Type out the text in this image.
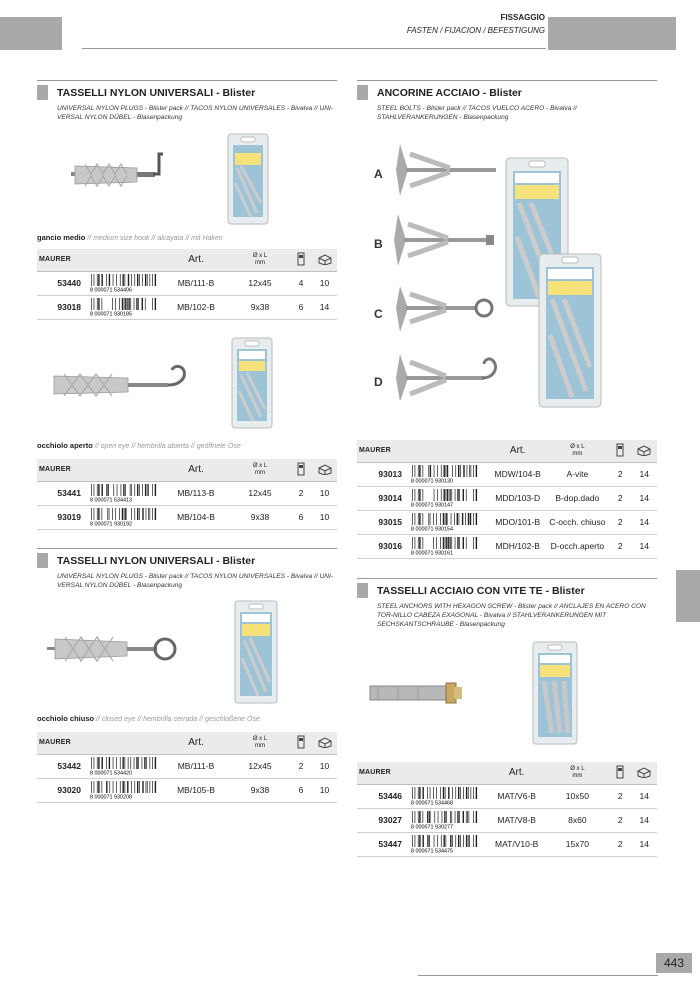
FISSAGGIO
FASTEN / FIJACION / BEFESTIGUNG
TASSELLI NYLON UNIVERSALI - Blister
UNIVERSAL NYLON PLUGS - Blister pack // TACOS NYLON UNIVERSALES - Bivalva // UNI-VERSAL NYLON DÜBEL - Blasenpackung
gancio medio // medium size hook // alcayata // mit Haken
MAURER		Art.	Ø x L
mm		
53440	8 000071 534406	MB/111-B	12x45	4	10
93018	8 000071 930185	MB/102-B	9x38	6	14
occhiolo aperto // open eye // hembrilla abierta // geöffnete Öse
MAURER		Art.	Ø x L
mm		
53441	8 000071 534413	MB/113-B	12x45	2	10
93019	8 000071 930192	MB/104-B	9x38	6	10
TASSELLI NYLON UNIVERSALI - Blister
UNIVERSAL NYLON PLUGS - Blister pack // TACOS NYLON UNIVERSALES - Bivalva // UNI-VERSAL NYLON DÜBEL - Blasenpackung
occhiolo chiuso // closed eye // hembrilla cerrada // geschloßene Öse
MAURER		Art.	Ø x L
mm		
53442	8 000071 534420	MB/111-B	12x45	2	10
93020	8 000071 930208	MB/105-B	9x38	6	10
ANCORINE ACCIAIO - Blister
STEEL BOLTS - Blister pack // TACOS VUELCO ACERO - Bivalva // STAHLVERANKERUNGEN - Blasenpackung
A
B
C
D
MAURER		Art.	Ø x L
mm		
93013	8 000071 930130	MDW/104-B	A-vite	2	14
93014	8 000071 930147	MDD/103-D	B-dop.dado	2	14
93015	8 000071 930154	MDO/101-B	C-occh. chiuso	2	14
93016	8 000071 930161	MDH/102-B	D-occh.aperto	2	14
TASSELLI ACCIAIO CON VITE TE - Blister
STEEL ANCHORS WITH HEXAGON SCREW - Blister pack // ANCLAJES EN ACERO CON TOR-NILLO CABEZA EXAGONAL - Bivalva // STAHLVERANKERUNGEN MIT SECHSKANTSCHRAUBE - Blasenpackung
MAURER		Art.	Ø x L
mm		
53446	8 000071 534468	MAT/V6-B	10x50	2	14
93027	8 000071 930277	MAT/V8-B	8x60	2	14
53447	8 000071 534475	MAT/V10-B	15x70	2	14
443
